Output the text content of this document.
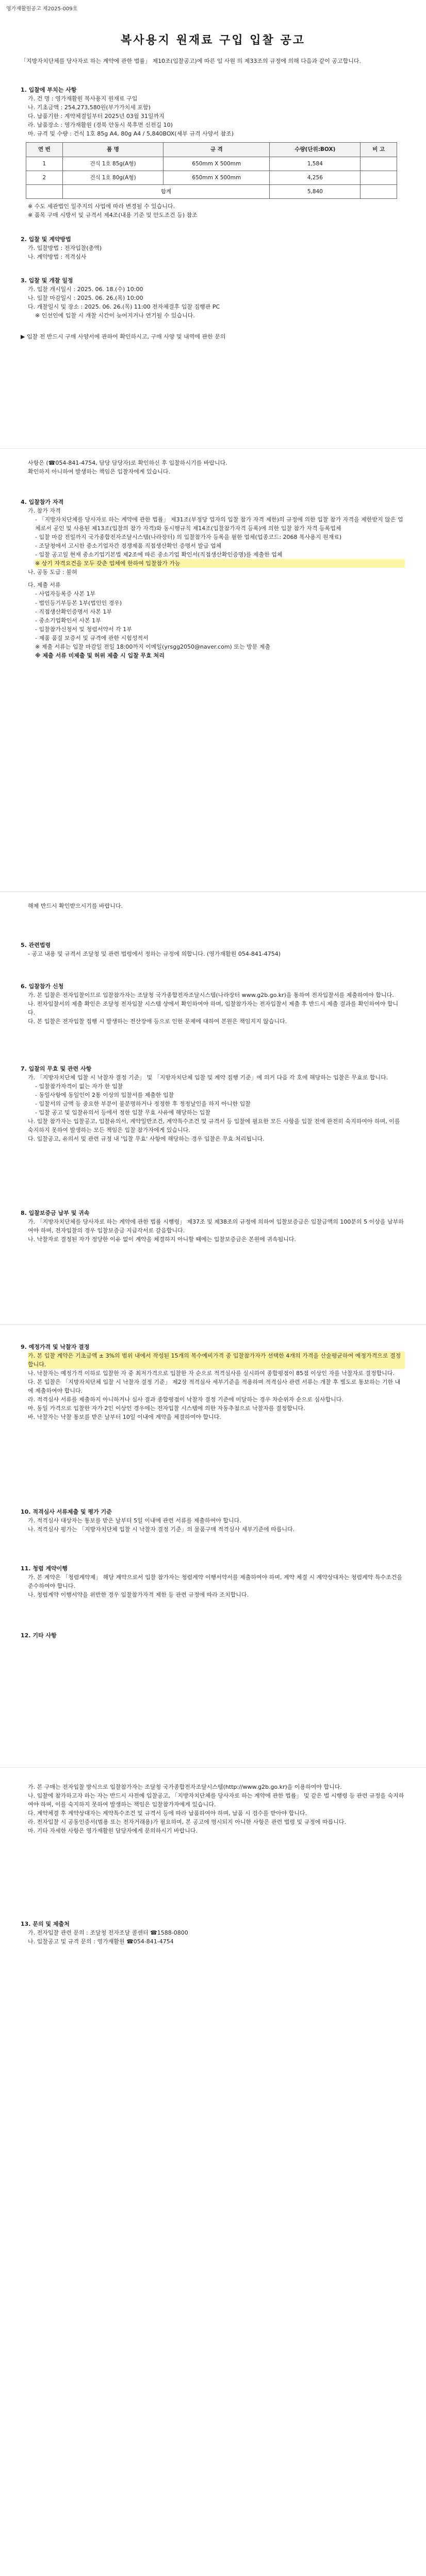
영가재활원공고 제2025-009호
복사용지 원재료 구입 입찰 공고
「지방자치단체를 당사자로 하는 계약에 관한 법률」 제10조(입찰공고)에 따른 입 사원 의 제33조의 규정에 의해 다음과 같이 공고합니다.
1. 입찰에 부치는 사항
가. 건 명 : 영가재활원 복사용지 원재료 구입
나. 기초금액 : 254,273,580원(부가가치세 포함)
다. 납품기한 : 계약체결일부터 2025년 03월 31일까지
라. 납품장소 : 영가재활원 (경북 안동시 북후면 신전길 10)
마. 규격 및 수량 : 건식 1호 85g A4, 80g A4 / 5,840BOX(세부 규격 사양서 참조)
연 번	품 명	규 격	수량(단위:BOX)	비 고
1	건식 1호 85g(A형)	650mm X 500mm	1,584	
2	건식 1호 80g(A형)	650mm X 500mm	4,256	
	합계		5,840	
※ 수도 세관법인 일주지의 사업에 따라 변경될 수 있습니다.
※ 품목 구매 시방서 및 규격서 제4조(내용 기준 및 안도조건 등) 참조
2. 입찰 및 계약방법
가. 입찰방법 : 전자입찰(총액)
나. 계약방법 : 적격심사
3. 입찰 및 개찰 일정
가. 입찰 개시일시 : 2025. 06. 18.(수) 10:00
나. 입찰 마감일시 : 2025. 06. 26.(목) 10:00
다. 개찰일시 및 장소 : 2025. 06. 26.(목) 11:00 전자체결후 입찰 집행관 PC
※ 인선인에 입찰 시 개찰 시간이 늦어지거나 연기될 수 있습니다.
▶ 입찰 전 반드시 구매 사양서에 관하여 확인하시고, 구매 사양 및 내역에 관한 문의
사항은 (☎054-841-4754, 담당 담당자)로 확인하신 후 입찰하시기를 바랍니다.
확인하지 아니하여 발생하는 책임은 입찰자에게 있습니다.
4. 입찰참가 자격
가. 참가 자격
- 「지방자치단체를 당사자로 하는 계약에 관한 법률」 제31조(부정당 업자의 입찰 참가 자격 제한)의 규정에 의한 입찰 참가 자격을 제한받지 않은 업체로서 공인 및 사용된 제13조(입찰의 참가 자격)와 동시행규칙 제14조(입찰참가자격 등록)에 의한 입찰 참가 자격 등록업체
- 입찰 마감 전일까지 국가종합전자조달시스템(나라장터) 의 입찰참가자 등록을 필한 업체(업종코드: 2068 복사용지 원재료)
- 조달청에서 고시한 중소기업자간 경쟁제품 직접생산확인 증명서 발급 업체
- 입찰 공고일 현재 중소기업기본법 제2조에 따른 중소기업 확인서(직접생산확인증명)를 제출한 업체
※ 상기 자격요건을 모두 갖춘 업체에 한하여 입찰참가 가능
나. 공동 도급 : 불허
다. 제출 서류
- 사업자등록증 사본 1부
- 법인등기부등본 1부(법인인 경우)
- 직접생산확인증명서 사본 1부
- 중소기업확인서 사본 1부
- 입찰참가신청서 및 청렴서약서 각 1부
- 제품 품질 보증서 및 규격에 관한 시험성적서
※ 제출 서류는 입찰 마감일 전일 18:00까지 이메일(yrsgg2050@naver.com) 또는 방문 제출
※ 제출 서류 미제출 및 허위 제출 시 입찰 무효 처리
해제 반드시 확인받으시기를 바랍니다.
5. 관련법령
- 공고 내용 및 규격서 조달청 및 관련 법령에서 정하는 규정에 의합니다. (영가재활원 054-841-4754)
6. 입찰참가 신청
가. 본 입찰은 전자입찰이므로 입찰참가자는 조달청 국가종합전자조달시스템(나라장터 www.g2b.go.kr)을 통하여 전자입찰서를 제출하여야 합니다.
나. 전자입찰서의 제출 확인은 조달청 전자입찰 시스템 상에서 확인하여야 하며, 입찰참가자는 전자입찰서 제출 후 반드시 제출 결과를 확인하여야 합니다.
다. 본 입찰은 전자입찰 집행 시 발생하는 전산장애 등으로 인한 문제에 대하여 본원은 책임지지 않습니다.
7. 입찰의 무효 및 관련 사항
가. 「지방자치단체 입찰 시 낙찰자 결정 기준」 및 「지방자치단체 입찰 및 계약 집행 기준」에 의거 다음 각 호에 해당하는 입찰은 무효로 합니다.
- 입찰참가자격이 없는 자가 한 입찰
- 동일사항에 동일인이 2통 이상의 입찰서를 제출한 입찰
- 입찰서의 금액 등 중요한 부분이 불분명하거나 정정한 후 정정날인을 하지 아니한 입찰
- 입찰 공고 및 입찰유의서 등에서 정한 입찰 무효 사유에 해당하는 입찰
나. 입찰 참가자는 입찰공고, 입찰유의서, 계약일반조건, 계약특수조건 및 규격서 등 입찰에 필요한 모든 사항을 입찰 전에 완전히 숙지하여야 하며, 이를 숙지하지 못하여 발생하는 모든 책임은 입찰 참가자에게 있습니다.
다. 입찰공고, 유의서 및 관련 규정 내 '입찰 무효' 사항에 해당하는 경우 입찰은 무효 처리됩니다.
8. 입찰보증금 납부 및 귀속
가. 「지방자치단체를 당사자로 하는 계약에 관한 법률 시행령」 제37조 및 제38조의 규정에 의하여 입찰보증금은 입찰금액의 100분의 5 이상을 납부하여야 하며, 전자입찰의 경우 입찰보증금 지급각서로 갈음합니다.
나. 낙찰자로 결정된 자가 정당한 이유 없이 계약을 체결하지 아니할 때에는 입찰보증금은 본원에 귀속됩니다.
9. 예정가격 및 낙찰자 결정
가. 본 입찰 계약은 기초금액 ± 3%의 범위 내에서 작성된 15개의 복수예비가격 중 입찰참가자가 선택한 4개의 가격을 산술평균하여 예정가격으로 결정합니다.
나. 낙찰자는 예정가격 이하로 입찰한 자 중 최저가격으로 입찰한 자 순으로 적격심사를 실시하여 종합평점이 85점 이상인 자를 낙찰자로 결정합니다.
다. 본 입찰은 「지방자치단체 입찰 시 낙찰자 결정 기준」 제2장 적격심사 세부기준을 적용하며 적격심사 관련 서류는 개찰 후 별도로 통보하는 기한 내에 제출하여야 합니다.
라. 적격심사 서류를 제출하지 아니하거나 심사 결과 종합평점이 낙찰자 결정 기준에 미달하는 경우 차순위자 순으로 심사합니다.
마. 동일 가격으로 입찰한 자가 2인 이상인 경우에는 전자입찰 시스템에 의한 자동추첨으로 낙찰자를 결정합니다.
바. 낙찰자는 낙찰 통보를 받은 날부터 10일 이내에 계약을 체결하여야 합니다.
10. 적격심사 서류제출 및 평가 기준
가. 적격심사 대상자는 통보를 받은 날부터 5일 이내에 관련 서류를 제출하여야 합니다.
나. 적격심사 평가는 「지방자치단체 입찰 시 낙찰자 결정 기준」의 물품구매 적격심사 세부기준에 따릅니다.
11. 청렴 계약이행
가. 본 계약은 「청렴계약제」 해당 계약으로서 입찰 참가자는 청렴계약 이행서약서를 제출하여야 하며, 계약 체결 시 계약상대자는 청렴계약 특수조건을 준수하여야 합니다.
나. 청렴계약 이행서약을 위반한 경우 입찰참가자격 제한 등 관련 규정에 따라 조치합니다.
12. 기타 사항
가. 본 구매는 전자입찰 방식으로 입찰참가자는 조달청 국가종합전자조달시스템(http://www.g2b.go.kr)을 이용하여야 합니다.
나. 입찰에 참가하고자 하는 자는 반드시 사전에 입찰공고, 「지방자치단체를 당사자로 하는 계약에 관한 법률」 및 같은 법 시행령 등 관련 규정을 숙지하여야 하며, 이를 숙지하지 못하여 발생하는 책임은 입찰참가자에게 있습니다.
다. 계약체결 후 계약상대자는 계약특수조건 및 규격서 등에 따라 납품하여야 하며, 납품 시 검수를 받아야 합니다.
라. 전자입찰 시 공동인증서(범용 또는 전자거래용)가 필요하며, 본 공고에 명시되지 아니한 사항은 관련 법령 및 규정에 따릅니다.
마. 기타 자세한 사항은 영가재활원 담당자에게 문의하시기 바랍니다.
13. 문의 및 제출처
가. 전자입찰 관련 문의 : 조달청 전자조달 콜센터 ☎1588-0800
나. 입찰공고 및 규격 문의 : 영가재활원 ☎054-841-4754
